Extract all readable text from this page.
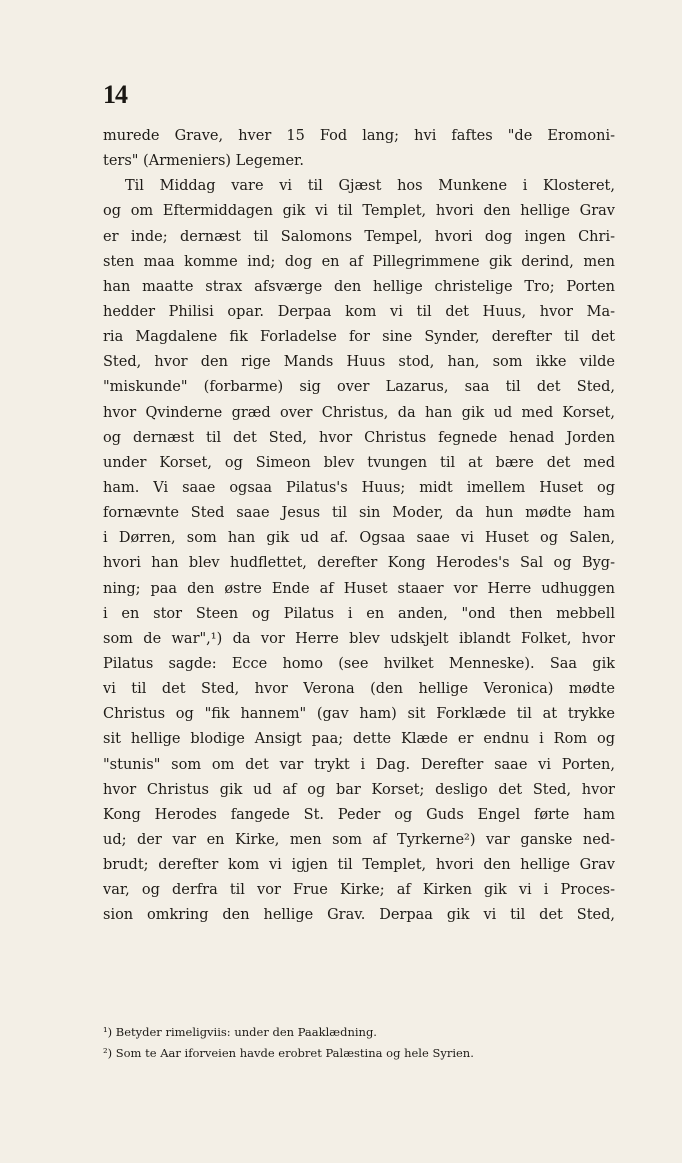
14
murede Grave, hver 15 Fod lang; hvi faftes "de Eromoni-
ters" (Armeniers) Legemer.
Til Middag vare vi til Gjæst hos Munkene i Klosteret,
og om Eftermiddagen gik vi til Templet, hvori den hellige Grav
er inde; dernæst til Salomons Tempel, hvori dog ingen Chri-
sten maa komme ind; dog en af Pillegrimmene gik derind, men
han maatte strax afsværge den hellige christelige Tro; Porten
hedder Philisi opar. Derpaa kom vi til det Huus, hvor Ma-
ria Magdalene fik Forladelse for sine Synder, derefter til det
Sted, hvor den rige Mands Huus stod, han, som ikke vilde
"miskunde" (forbarme) sig over Lazarus, saa til det Sted,
hvor Qvinderne græd over Christus, da han gik ud med Korset,
og dernæst til det Sted, hvor Christus fegnede henad Jorden
under Korset, og Simeon blev tvungen til at bære det med
ham. Vi saae ogsaa Pilatus's Huus; midt imellem Huset og
fornævnte Sted saae Jesus til sin Moder, da hun mødte ham
i Dørren, som han gik ud af. Ogsaa saae vi Huset og Salen,
hvori han blev hudflettet, derefter Kong Herodes's Sal og Byg-
ning; paa den østre Ende af Huset staaer vor Herre udhuggen
i en stor Steen og Pilatus i en anden, "ond then mebbell
som de war",¹) da vor Herre blev udskjelt iblandt Folket, hvor
Pilatus sagde: Ecce homo (see hvilket Menneske). Saa gik
vi til det Sted, hvor Verona (den hellige Veronica) mødte
Christus og "fik hannem" (gav ham) sit Forklæde til at trykke
sit hellige blodige Ansigt paa; dette Klæde er endnu i Rom og
"stunis" som om det var trykt i Dag. Derefter saae vi Porten,
hvor Christus gik ud af og bar Korset; desligo det Sted, hvor
Kong Herodes fangede St. Peder og Guds Engel førte ham
ud; der var en Kirke, men som af Tyrkerne²) var ganske ned-
brudt; derefter kom vi igjen til Templet, hvori den hellige Grav
var, og derfra til vor Frue Kirke; af Kirken gik vi i Proces-
sion omkring den hellige Grav. Derpaa gik vi til det Sted,
¹) Betyder rimeligviis: under den Paaklædning.
²) Som te Aar iforveien havde erobret Palæstina og hele Syrien.
